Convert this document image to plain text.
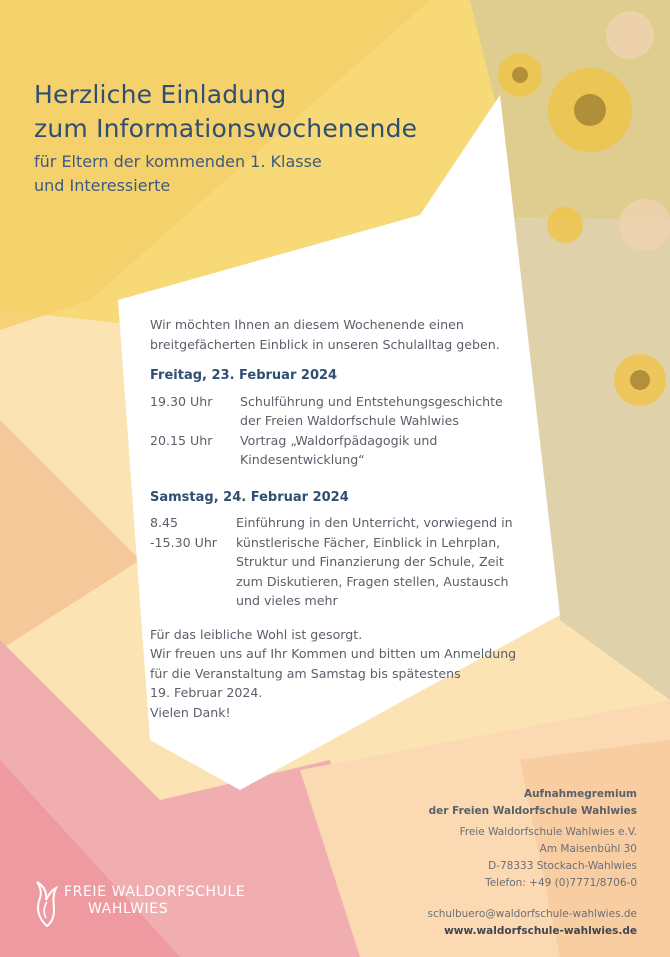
Herzliche Einladung
zum Informationswochenende

für Eltern der kommenden 1. Klasse

und Interessierte

Wir möchten Ihnen an diesem Wochenende einen

breitgefächerten Einblick in unseren Schulalltag geben.

Freitag, 23. Februar 2024

19.30 Uhr	Schulführung und Entstehungsgeschichte

der Freien Waldorfschule Wahlwies

20.15 Uhr	Vortrag „Waldorfpädagogik und

Kindesentwicklung“

Samstag, 24. Februar 2024

8.45

-15.30 Uhr

Einführung in den Unterricht, vorwiegend in

künstlerische Fächer, Einblick in Lehrplan,

Struktur und Finanzierung der Schule, Zeit

zum Diskutieren, Fragen stellen, Austausch

und vieles mehr

Für das leibliche Wohl ist gesorgt.

Wir freuen uns auf Ihr Kommen und bitten um Anmeldung

für die Veranstaltung am Samstag bis spätestens

19. Februar 2024.

Vielen Dank!

Aufnahmegremium
der Freien Waldorfschule Wahlwies
Freie Waldorfschule Wahlwies e.V.
Am Maisenbühl 30
D-78333 Stockach-Wahlwies
Telefon: +49 (0)7771/8706-0
schulbuero@waldorfschule-wahlwies.de
www.waldorfschule-wahlwies.de
FREIE WALDORFSCHULE
WAHLWIES
